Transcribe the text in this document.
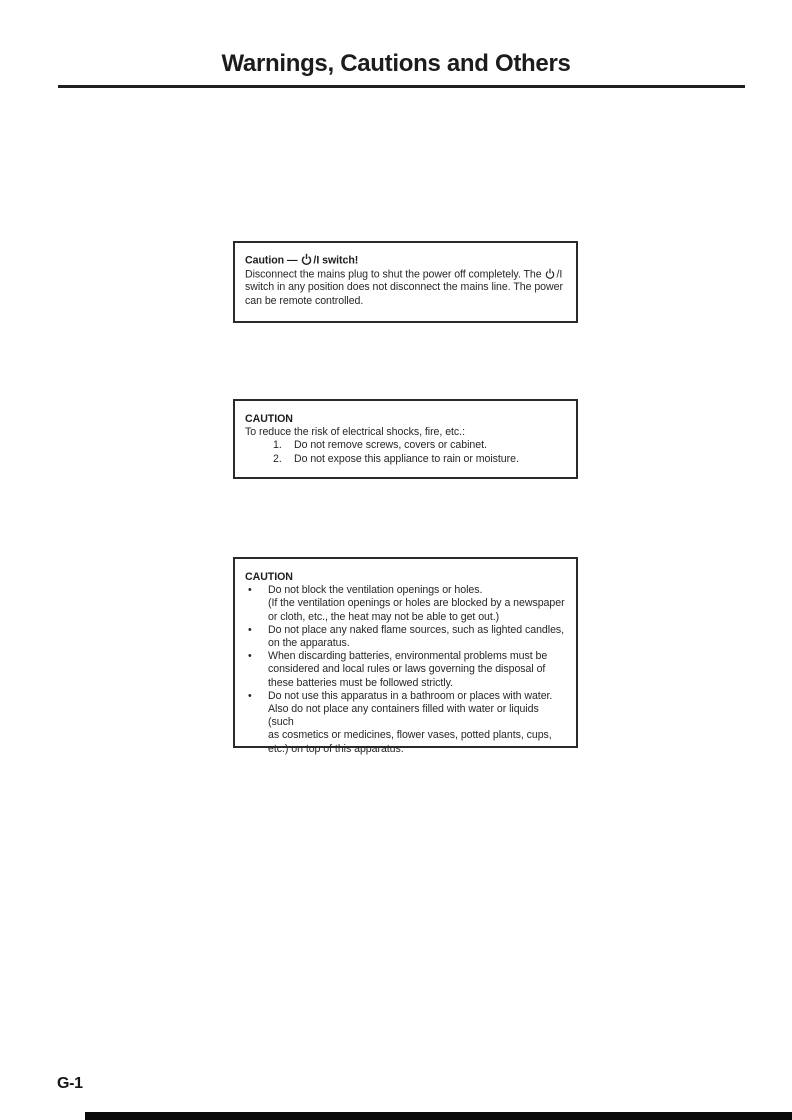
Warnings, Cautions and Others

Caution — /I switch!

Disconnect the mains plug to shut the power off completely. The /I

switch in any position does not disconnect the mains line. The power

can be remote controlled.

CAUTION

To reduce the risk of electrical shocks, fire, etc.:

1.	Do not remove screws, covers or cabinet.
2.	Do not expose this appliance to rain or moisture.

CAUTION

•	Do not block the ventilation openings or holes.
(If the ventilation openings or holes are blocked by a newspaper
or cloth, etc., the heat may not be able to get out.)
•	Do not place any naked flame sources, such as lighted candles,
on the apparatus.
•	When discarding batteries, environmental problems must be
considered and local rules or laws governing the disposal of
these batteries must be followed strictly.
•	Do not use this apparatus in a bathroom or places with water.
Also do not place any containers filled with water or liquids (such
as cosmetics or medicines, flower vases, potted plants, cups,
etc.) on top of this apparatus.
G-1
